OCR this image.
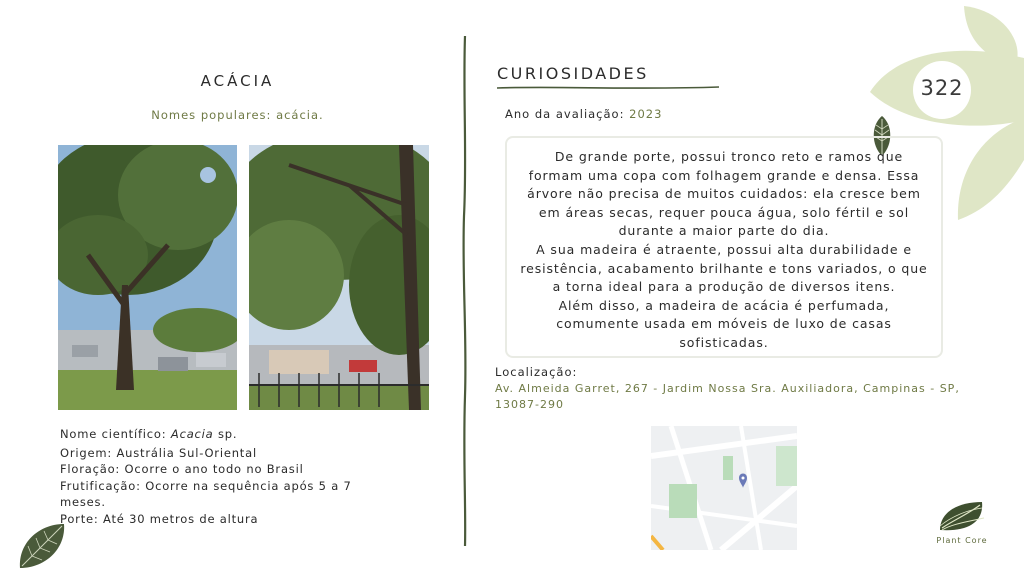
322
ACÁCIA
Nomes populares: acácia.
Nome científico: Acacia sp.
Origem: Austrália Sul-Oriental
Floração: Ocorre o ano todo no Brasil
Frutificação: Ocorre na sequência após 5 a 7 meses.
Porte: Até 30 metros de altura
CURIOSIDADES
Ano da avaliação: 2023

De grande porte, possui tronco reto e ramos que formam uma copa com folhagem grande e densa. Essa árvore não precisa de muitos cuidados: ela cresce bem em áreas secas, requer pouca água, solo fértil e sol durante a maior parte do dia.

A sua madeira é atraente, possui alta durabilidade e resistência, acabamento brilhante e tons variados, o que a torna ideal para a produção de diversos itens.

Além disso, a madeira de acácia é perfumada, comumente usada em móveis de luxo de casas sofisticadas.

Localização:
Av. Almeida Garret, 267 - Jardim Nossa Sra. Auxiliadora, Campinas - SP, 13087-290
Plant Core
